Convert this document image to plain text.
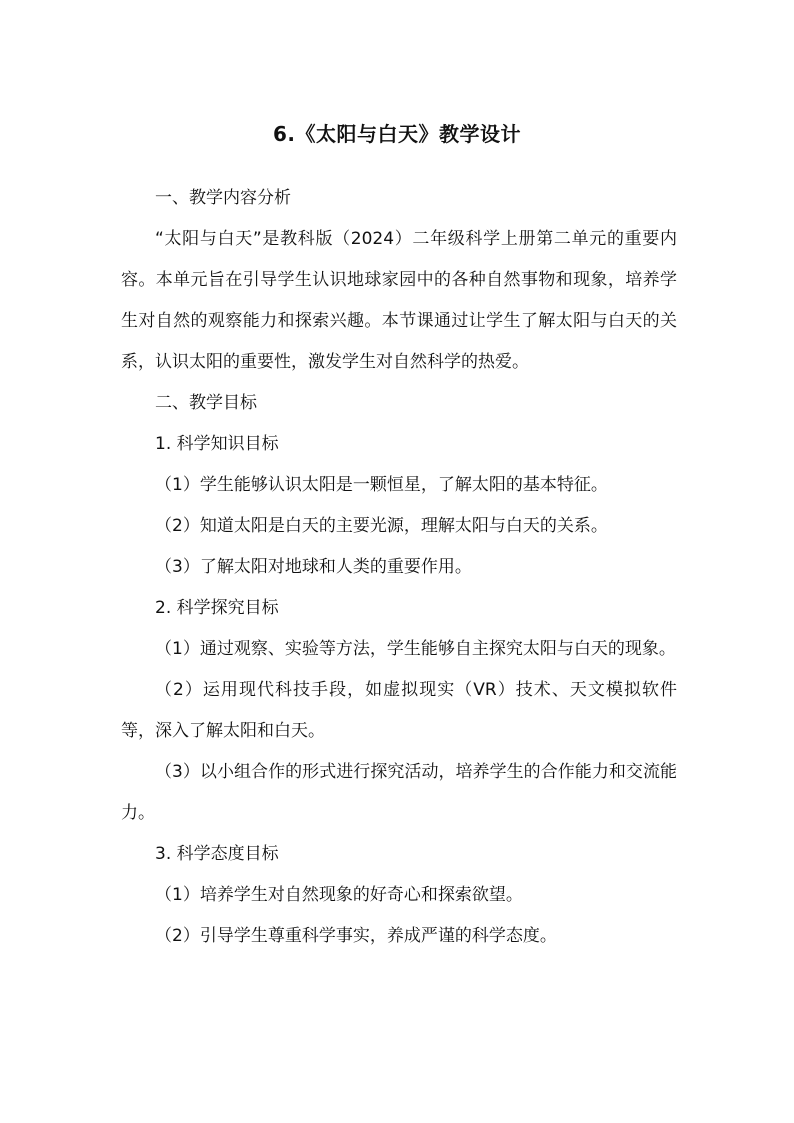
6.《太阳与白天》教学设计

一、教学内容分析

“太阳与白天”是教科版（2024）二年级科学上册第二单元的重要内容。本单元旨在引导学生认识地球家园中的各种自然事物和现象，培养学生对自然的观察能力和探索兴趣。本节课通过让学生了解太阳与白天的关系，认识太阳的重要性，激发学生对自然科学的热爱。

二、教学目标

1. 科学知识目标

（1）学生能够认识太阳是一颗恒星，了解太阳的基本特征。

（2）知道太阳是白天的主要光源，理解太阳与白天的关系。

（3）了解太阳对地球和人类的重要作用。

2. 科学探究目标

（1）通过观察、实验等方法，学生能够自主探究太阳与白天的现象。

（2）运用现代科技手段，如虚拟现实（VR）技术、天文模拟软件等，深入了解太阳和白天。

（3）以小组合作的形式进行探究活动，培养学生的合作能力和交流能力。

3. 科学态度目标

（1）培养学生对自然现象的好奇心和探索欲望。

（2）引导学生尊重科学事实，养成严谨的科学态度。
